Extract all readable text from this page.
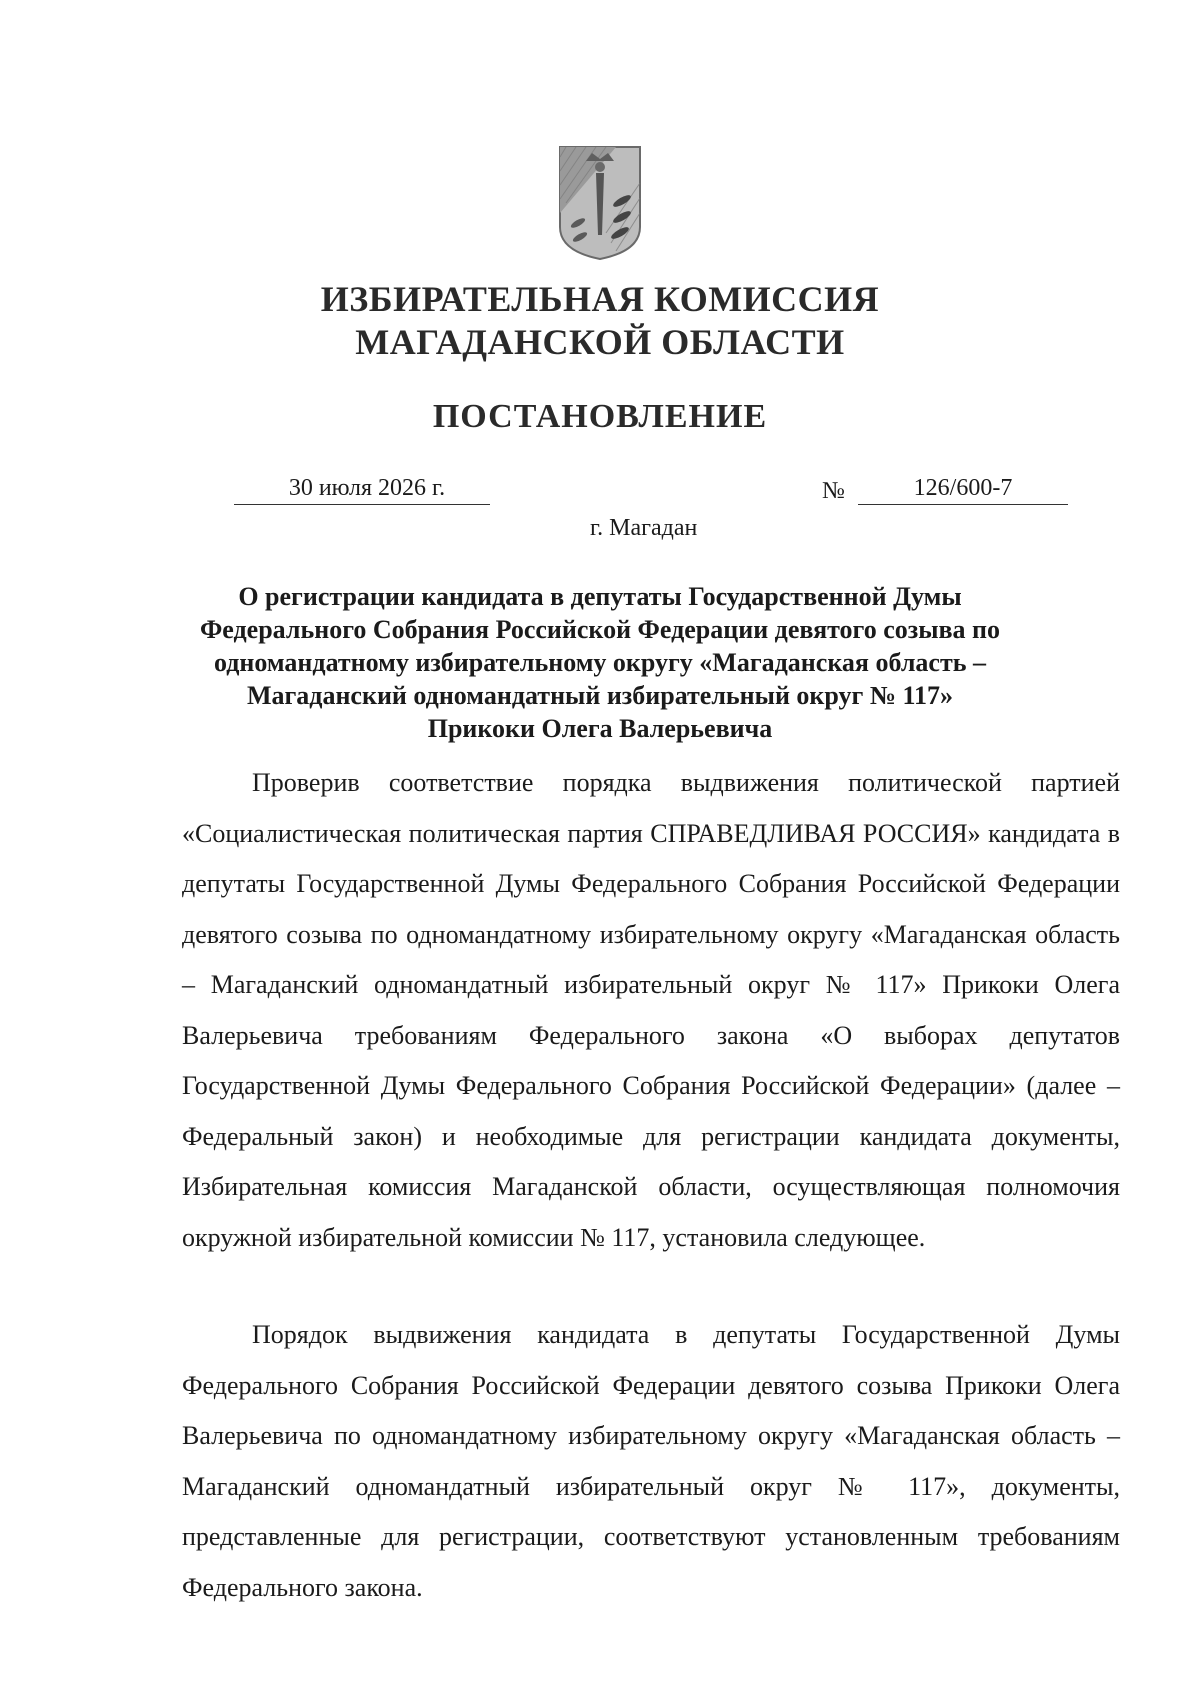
ИЗБИРАТЕЛЬНАЯ КОМИССИЯ
МАГАДАНСКОЙ ОБЛАСТИ
ПОСТАНОВЛЕНИЕ
30 июля 2026 г.	№	126/600-7
г. Магадан
О регистрации кандидата в депутаты Государственной Думы
Федерального Собрания Российской Федерации девятого созыва по
одномандатному избирательному округу «Магаданская область –
Магаданский одномандатный избирательный округ № 117»
Прикоки Олега Валерьевича

Проверив соответствие порядка выдвижения политической партией «Социалистическая политическая партия СПРАВЕДЛИВАЯ РОССИЯ» кандидата в депутаты Государственной Думы Федерального Собрания Российской Федерации девятого созыва по одномандатному избирательному округу «Магаданская область – Магаданский одномандатный избирательный округ № 117» Прикоки Олега Валерьевича требованиям Федерального закона «О выборах депутатов Государственной Думы Федерального Собрания Российской Федерации» (далее – Федеральный закон) и необходимые для регистрации кандидата документы, Избирательная комиссия Магаданской области, осуществляющая полномочия окружной избирательной комиссии № 117, установила следующее.

Порядок выдвижения кандидата в депутаты Государственной Думы Федерального Собрания Российской Федерации девятого созыва Прикоки Олега Валерьевича по одномандатному избирательному округу «Магаданская область – Магаданский одномандатный избирательный округ № 117», документы, представленные для регистрации, соответствуют установленным требованиям Федерального закона.
